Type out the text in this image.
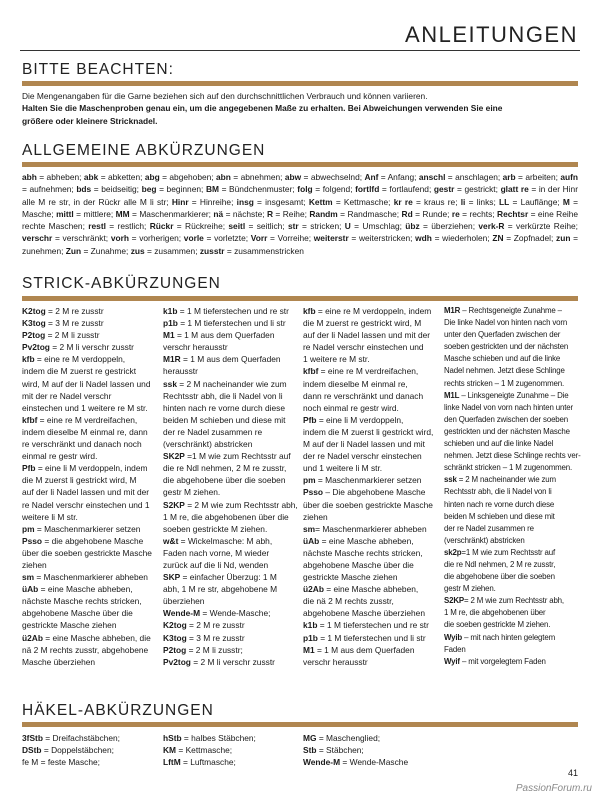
ANLEITUNGEN
BITTE BEACHTEN:
Die Mengenangaben für die Garne beziehen sich auf den durchschnittlichen Verbrauch und können variieren.
Halten Sie die Maschenproben genau ein, um die angegebenen Maße zu erhalten. Bei Abweichungen verwenden Sie eine
größere oder kleinere Stricknadel.
ALLGEMEINE ABKÜRZUNGEN
abh = abheben; abk = abketten; abg = abgehoben; abn = abnehmen; abw = abwechselnd; Anf = Anfang; anschl = anschlagen; arb = arbeiten; aufn = aufnehmen; bds = beidseitig; beg = beginnen; BM = Bündchenmuster; folg = folgend; fortlfd = fortlaufend; gestr = gestrickt; glatt re = in der Hinr alle M re str, in der Rückr alle M li str; Hinr = Hinreihe; insg = insgesamt; Kettm = Kettmasche; kr re = kraus re; li = links; LL = Lauflänge; M = Masche; mittl = mittlere; MM = Maschenmarkierer; nä = nächste; R = Reihe; Randm = Randmasche; Rd = Runde; re = rechts; Rechtsr = eine Reihe rechte Maschen; restl = restlich; Rückr = Rückreihe; seitl = seitlich; str = stricken; U = Umschlag; übz = überziehen; verk-R = verkürzte Reihe; verschr = verschränkt; vorh = vorherigen; vorle = vorletzte; Vorr = Vorreihe; weiterstr = weiterstricken; wdh = wiederholen; ZN = Zopfnadel; zun = zunehmen; Zun = Zunahme; zus = zusammen; zusstr = zusammenstricken
STRICK-ABKÜRZUNGEN
K2tog = 2 M re zusstr
K3tog = 3 M re zusstr
P2tog = 2 M li zusstr
Pv2tog = 2 M li verschr zusstr
kfb = eine re M verdoppeln,
indem die M zuerst re gestrickt
wird, M auf der li Nadel lassen und
mit der re Nadel verschr
einstechen und 1 weitere re M str.
kfbf = eine re M verdreifachen,
indem dieselbe M einmal re, dann
re verschränkt und danach noch
einmal re gestr wird.
Pfb = eine li M verdoppeln, indem
die M zuerst li gestrickt wird, M
auf der li Nadel lassen und mit der
re Nadel verschr einstechen und 1
weitere li M str.
pm = Maschenmarkierer setzen
Psso = die abgehobene Masche
über die soeben gestrickte Masche
ziehen
sm = Maschenmarkierer abheben
üAb = eine Masche abheben,
nächste Masche rechts stricken,
abgehobene Masche über die
gestrickte Masche ziehen
ü2Ab = eine Masche abheben, die
nä 2 M rechts zusstr, abgehobene
Masche überziehen
k1b = 1 M tieferstechen und re str
p1b = 1 M tieferstechen und li str
M1 = 1 M aus dem Querfaden
verschr herausstr
M1R = 1 M aus dem Querfaden
herausstr
ssk = 2 M nacheinander wie zum
Rechtsstr abh, die li Nadel von li
hinten nach re vorne durch diese
beiden M schieben und diese mit
der re Nadel zusammen re
(verschränkt) abstricken
SK2P =1 M wie zum Rechtsstr auf
die re Ndl nehmen, 2 M re zusstr,
die abgehobene über die soeben
gestr M ziehen.
S2KP = 2 M wie zum Rechtsstr abh,
1 M re, die abgehobenen über die
soeben gestrickte M ziehen.
w&t = Wickelmasche: M abh,
Faden nach vorne, M wieder
zurück auf die li Nd, wenden
SKP = einfacher Überzug: 1 M
abh, 1 M re str, abgehobene M
überziehen
Wende-M = Wende-Masche;
K2tog = 2 M re zusstr
K3tog = 3 M re zusstr
P2tog = 2 M li zusstr;
Pv2tog = 2 M li verschr zusstr
kfb = eine re M verdoppeln, indem
die M zuerst re gestrickt wird, M
auf der li Nadel lassen und mit der
re Nadel verschr einstechen und
1 weitere re M str.
kfbf = eine re M verdreifachen,
indem dieselbe M einmal re,
dann re verschränkt und danach
noch einmal re gestr wird.
Pfb = eine li M verdoppeln,
indem die M zuerst li gestrickt wird,
M auf der li Nadel lassen und mit
der re Nadel verschr einstechen
und 1 weitere li M str.
pm = Maschenmarkierer setzen
Psso – Die abgehobene Masche
über die soeben gestrickte Masche
ziehen
sm= Maschenmarkierer abheben
üAb = eine Masche abheben,
nächste Masche rechts stricken,
abgehobene Masche über die
gestrickte Masche ziehen
ü2Ab = eine Masche abheben,
die nä 2 M rechts zusstr,
abgehobene Masche überziehen
k1b = 1 M tieferstechen und re str
p1b = 1 M tieferstechen und li str
M1 = 1 M aus dem Querfaden
verschr herausstr
M1R – Rechtsgeneigte Zunahme –
Die linke Nadel von hinten nach vorn
unter den Querfaden zwischen der
soeben gestrickten und der nächsten
Masche schieben und auf die linke
Nadel nehmen. Jetzt diese Schlinge
rechts stricken – 1 M zugenommen.
M1L – Linksgeneigte Zunahme – Die
linke Nadel von vorn nach hinten unter
den Querfaden zwischen der soeben
gestrickten und der nächsten Masche
schieben und auf die linke Nadel
nehmen. Jetzt diese Schlinge rechts ver-
schränkt stricken – 1 M zugenommen.
ssk = 2 M nacheinander wie zum
Rechtsstr abh, die li Nadel von li
hinten nach re vorne durch diese
beiden M schieben und diese mit
der re Nadel zusammen re
(verschränkt) abstricken
sk2p=1 M wie zum Rechtsstr auf
die re Ndl nehmen, 2 M re zusstr,
die abgehobene über die soeben
gestr M ziehen.
S2KP= 2 M wie zum Rechtsstr abh,
1 M re, die abgehobenen über
die soeben gestrickte M ziehen.
Wyib – mit nach hinten gelegtem
Faden
Wyif – mit vorgelegtem Faden
HÄKEL-ABKÜRZUNGEN
3fStb = Dreifachstäbchen;
DStb = Doppelstäbchen;
fe M = feste Masche;
hStb = halbes Stäbchen;
KM = Kettmasche;
LftM = Luftmasche;
MG = Maschenglied;
Stb = Stäbchen;
Wende-M = Wende-Masche
41
PassionForum.ru
